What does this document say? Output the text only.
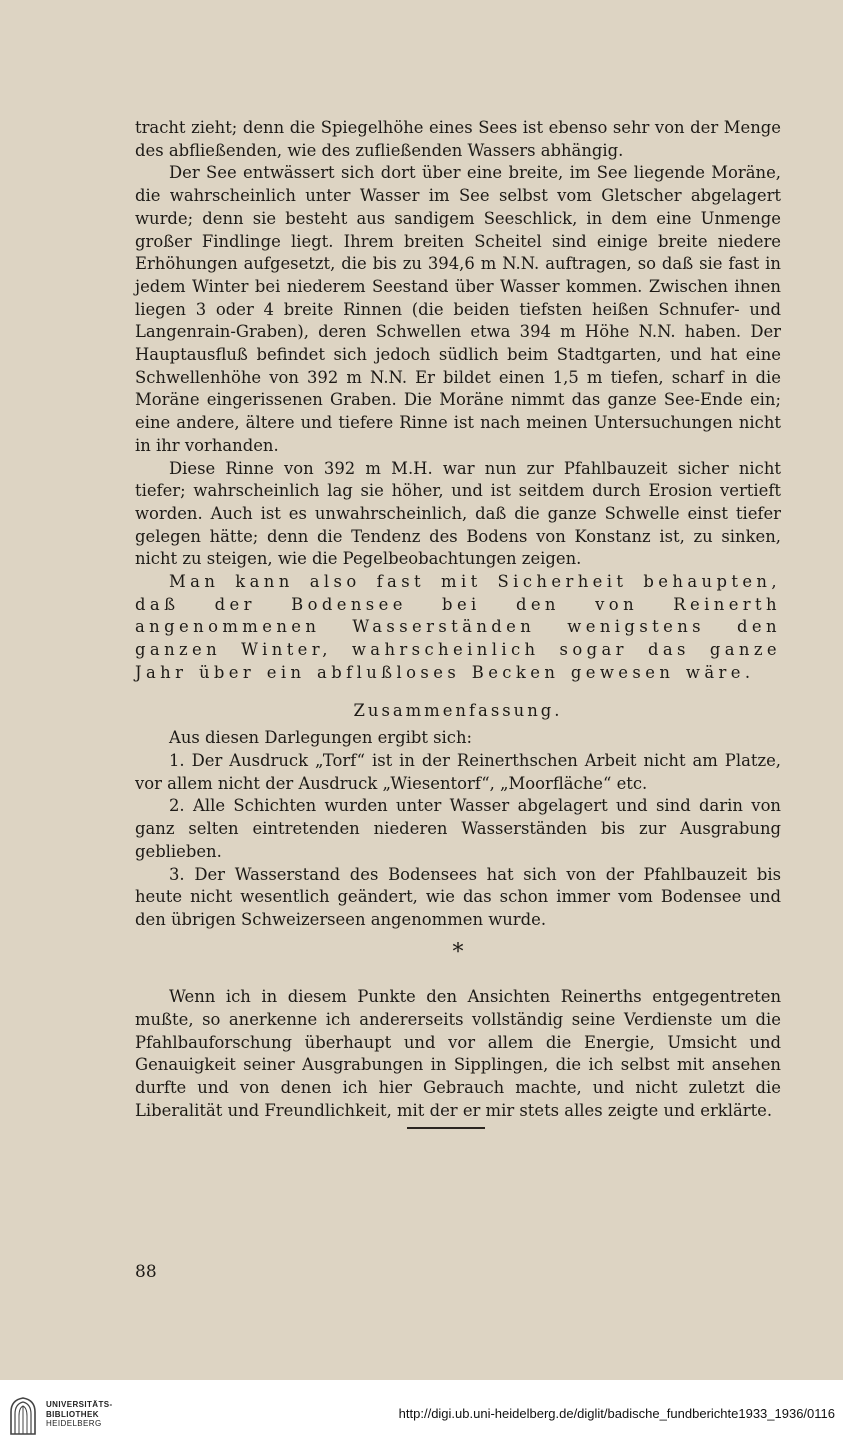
tracht zieht; denn die Spiegelhöhe eines Sees ist ebenso sehr von der Menge des abfließenden, wie des zufließenden Wassers abhängig.

Der See entwässert sich dort über eine breite, im See liegende Moräne, die wahrscheinlich unter Wasser im See selbst vom Gletscher abgelagert wurde; denn sie besteht aus sandigem Seeschlick, in dem eine Unmenge großer Findlinge liegt. Ihrem breiten Scheitel sind einige breite niedere Erhöhungen aufgesetzt, die bis zu 394,6 m N.N. auftragen, so daß sie fast in jedem Winter bei niederem Seestand über Wasser kommen. Zwischen ihnen liegen 3 oder 4 breite Rinnen (die beiden tiefsten heißen Schnufer- und Langenrain-Graben), deren Schwellen etwa 394 m Höhe N.N. haben. Der Hauptausfluß befindet sich jedoch südlich beim Stadtgarten, und hat eine Schwellenhöhe von 392 m N.N. Er bildet einen 1,5 m tiefen, scharf in die Moräne eingerissenen Graben. Die Moräne nimmt das ganze See-Ende ein; eine andere, ältere und tiefere Rinne ist nach meinen Untersuchungen nicht in ihr vorhanden.

Diese Rinne von 392 m M.H. war nun zur Pfahlbauzeit sicher nicht tiefer; wahrscheinlich lag sie höher, und ist seitdem durch Erosion vertieft worden. Auch ist es unwahrscheinlich, daß die ganze Schwelle einst tiefer gelegen hätte; denn die Tendenz des Bodens von Konstanz ist, zu sinken, nicht zu steigen, wie die Pegelbeobachtungen zeigen.

Man kann also fast mit Sicherheit behaupten, daß der Bodensee bei den von Reinerth angenommenen Wasserständen wenigstens den ganzen Winter, wahrscheinlich sogar das ganze Jahr über ein abflußloses Becken gewesen wäre.

Zusammenfassung.

Aus diesen Darlegungen ergibt sich:

1. Der Ausdruck „Torf“ ist in der Reinerthschen Arbeit nicht am Platze, vor allem nicht der Ausdruck „Wiesentorf“, „Moorfläche“ etc.

2. Alle Schichten wurden unter Wasser abgelagert und sind darin von ganz selten eintretenden niederen Wasserständen bis zur Ausgrabung geblieben.

3. Der Wasserstand des Bodensees hat sich von der Pfahlbauzeit bis heute nicht wesentlich geändert, wie das schon immer vom Bodensee und den übrigen Schweizerseen angenommen wurde.

*

Wenn ich in diesem Punkte den Ansichten Reinerths entgegentreten mußte, so anerkenne ich andererseits vollständig seine Verdienste um die Pfahlbauforschung überhaupt und vor allem die Energie, Umsicht und Genauigkeit seiner Ausgrabungen in Sipplingen, die ich selbst mit ansehen durfte und von denen ich hier Gebrauch machte, und nicht zuletzt die Liberalität und Freundlichkeit, mit der er mir stets alles zeigte und erklärte.

88
UNIVERSITÄTS-
BIBLIOTHEK
HEIDELBERG
http://digi.ub.uni-heidelberg.de/diglit/badische_fundberichte1933_1936/0116
